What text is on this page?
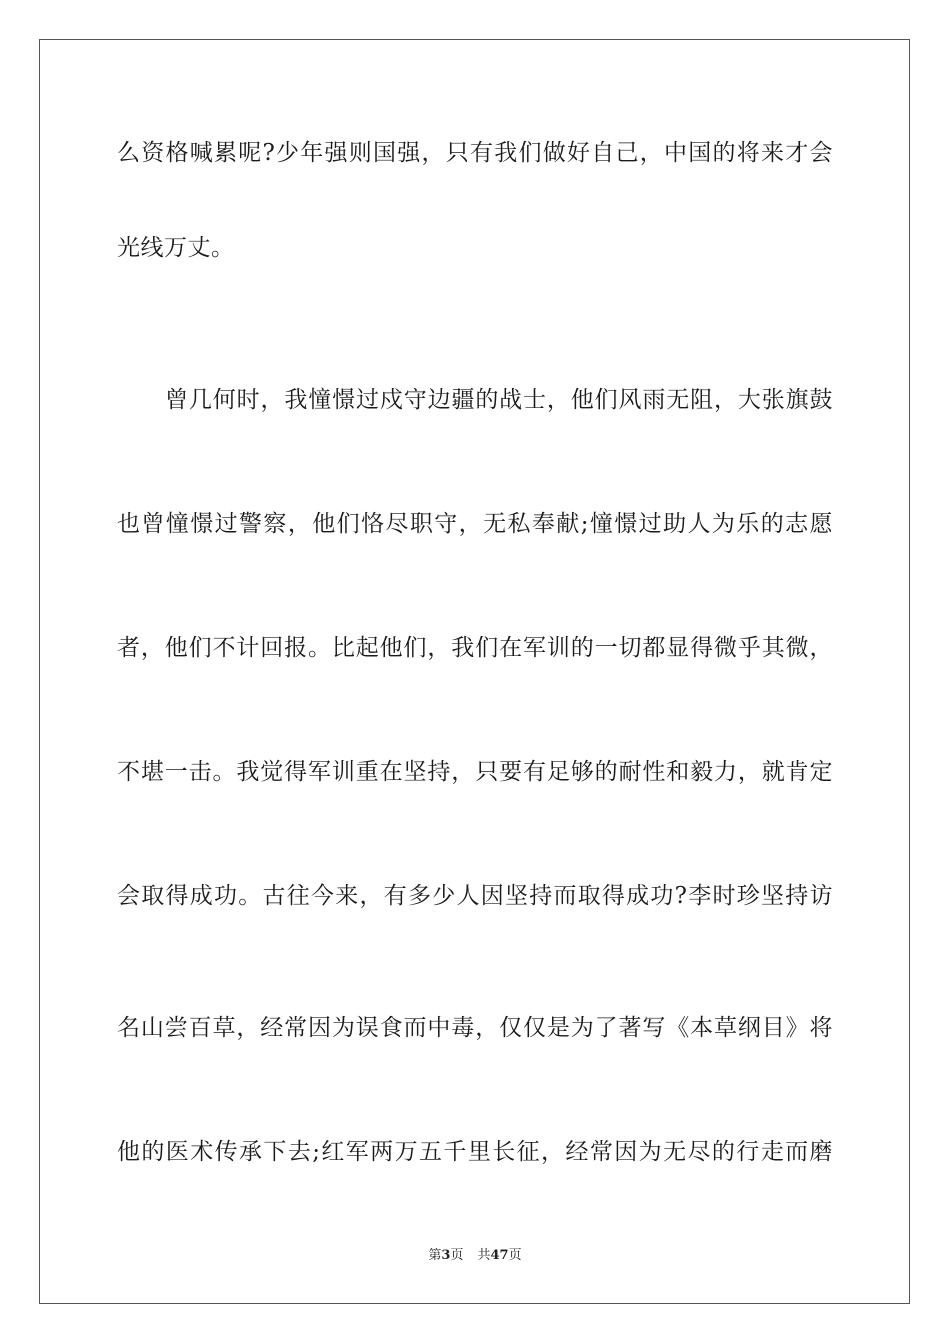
么资格喊累呢?少年强则国强，只有我们做好自己，中国的将来才会
光线万丈。
曾几何时，我憧憬过戍守边疆的战士，他们风雨无阻，大张旗鼓
也曾憧憬过警察，他们恪尽职守，无私奉献;憧憬过助人为乐的志愿
者，他们不计回报。比起他们，我们在军训的一切都显得微乎其微，
不堪一击。我觉得军训重在坚持，只要有足够的耐性和毅力，就肯定
会取得成功。古往今来，有多少人因坚持而取得成功?李时珍坚持访
名山尝百草，经常因为误食而中毒，仅仅是为了著写《本草纲目》将
他的医术传承下去;红军两万五千里长征，经常因为无尽的行走而磨
第3页 共47页
